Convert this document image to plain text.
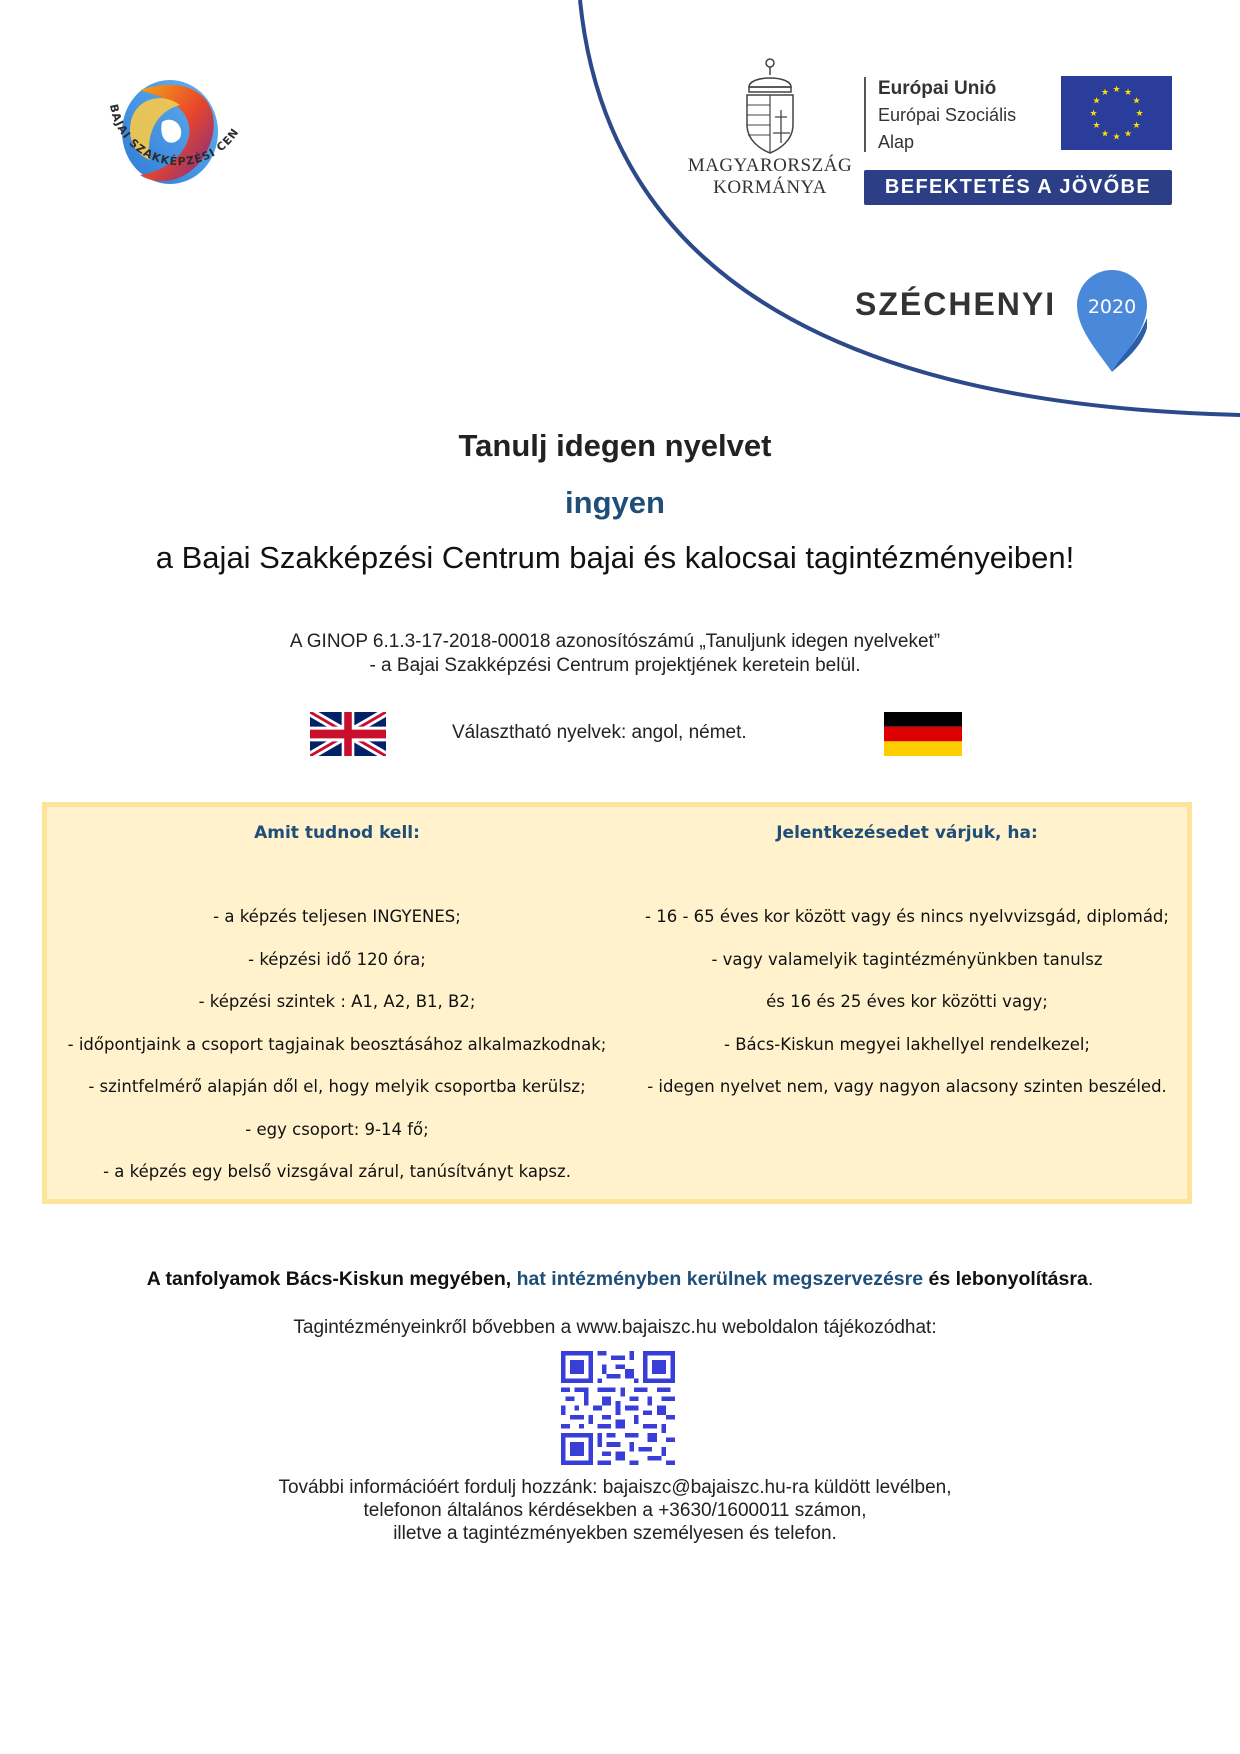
BAJAI SZAKKÉPZÉSI CEN
MAGYARORSZÁG
KORMÁNYA
Európai Unió
Európai Szociális
Alap
★ ★
★
★
★
★
★
★
★
★
★
★
BEFEKTETÉS A JÖVŐBE
SZÉCHENYI 2020
Tanulj idegen nyelvet
ingyen
a Bajai Szakképzési Centrum bajai és kalocsai tagintézményeiben!
A GINOP 6.1.3-17-2018-00018 azonosítószámú „Tanuljunk idegen nyelveket”
- a Bajai Szakképzési Centrum projektjének keretein belül.
Választható nyelvek: angol, német.
Amit tudnod kell:	Jelentkezésedet várjuk, ha:
- a képzés teljesen INGYENES;
- képzési idő 120 óra;
- képzési szintek : A1, A2, B1, B2;
- időpontjaink a csoport tagjainak beosztásához alkalmazkodnak;
- szintfelmérő alapján dől el, hogy melyik csoportba kerülsz;
- egy csoport: 9-14 fő;
- a képzés egy belső vizsgával zárul, tanúsítványt kapsz.
- 16 - 65 éves kor között vagy és nincs nyelvvizsgád, diplomád;
- vagy valamelyik tagintézményünkben tanulsz
és 16 és 25 éves kor közötti vagy;
- Bács-Kiskun megyei lakhellyel rendelkezel;
- idegen nyelvet nem, vagy nagyon alacsony szinten beszéled.
A tanfolyamok Bács-Kiskun megyében, hat intézményben kerülnek megszervezésre és lebonyolításra.
Tagintézményeinkről bővebben a www.bajaiszc.hu weboldalon tájékozódhat:
További információért fordulj hozzánk: bajaiszc@bajaiszc.hu-ra küldött levélben,
telefonon általános kérdésekben a +3630/1600011 számon,
illetve a tagintézményekben személyesen és telefon.
